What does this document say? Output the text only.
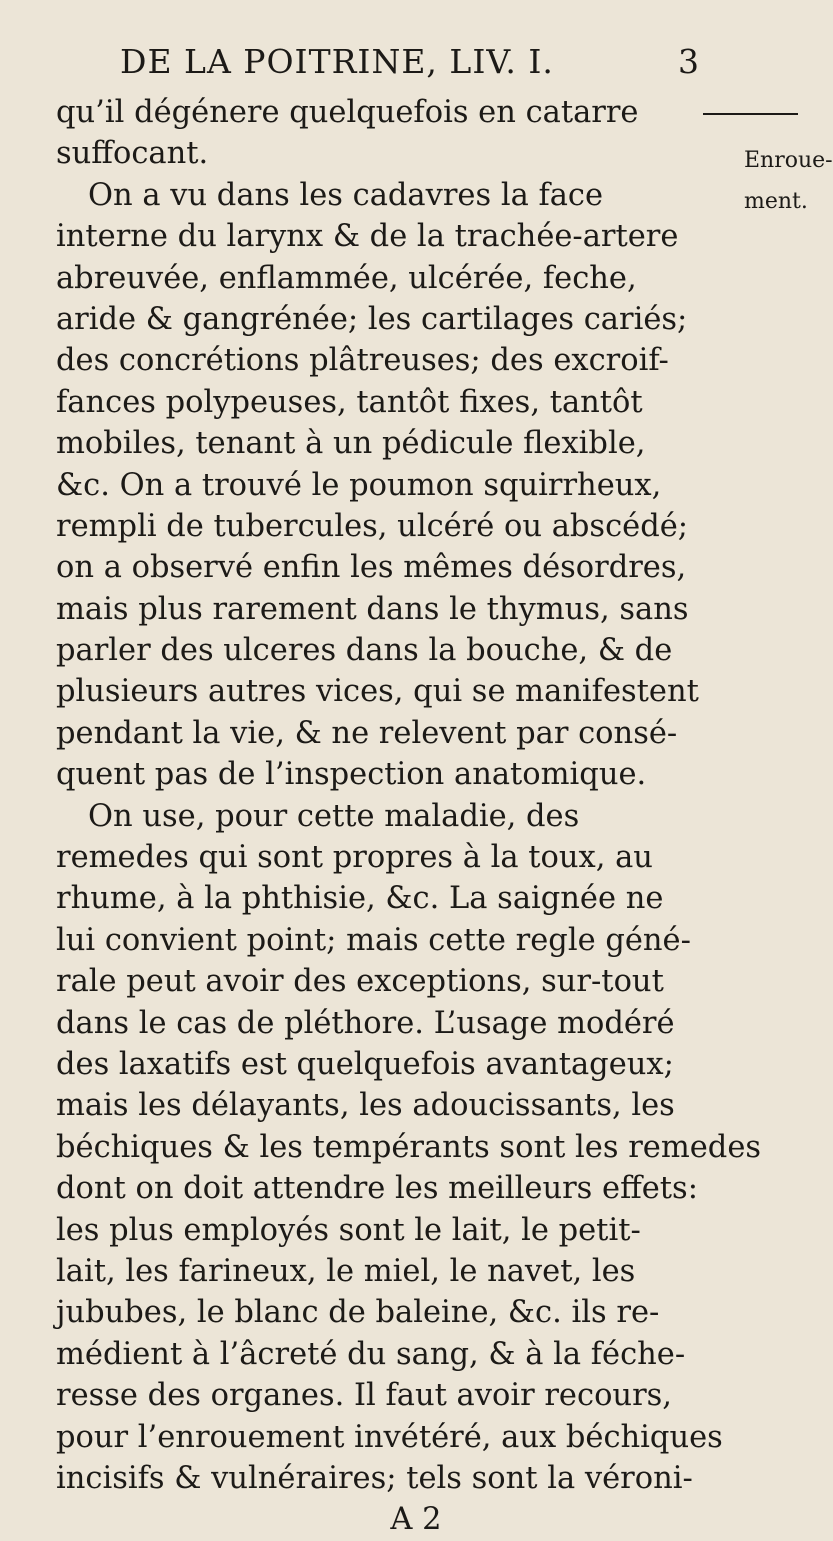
DE LA POITRINE, LIV. I.	3
Enroue-
ment.
qu’il dégénere quelquefois en catarre
suffocant.
On a vu dans les cadavres la face
interne du larynx & de la trachée-artere
abreuvée, enflammée, ulcérée, feche,
aride & gangrénée; les cartilages cariés;
des concrétions plâtreuses; des excroif-
fances polypeuses, tantôt fixes, tantôt
mobiles, tenant à un pédicule flexible,
&c. On a trouvé le poumon squirrheux,
rempli de tubercules, ulcéré ou abscédé;
on a observé enfin les mêmes désordres,
mais plus rarement dans le thymus, sans
parler des ulceres dans la bouche, & de
plusieurs autres vices, qui se manifestent
pendant la vie, & ne relevent par consé-
quent pas de l’inspection anatomique.
On use, pour cette maladie, des
remedes qui sont propres à la toux, au
rhume, à la phthisie, &c. La saignée ne
lui convient point; mais cette regle géné-
rale peut avoir des exceptions, sur-tout
dans le cas de pléthore. L’usage modéré
des laxatifs est quelquefois avantageux;
mais les délayants, les adoucissants, les
béchiques & les tempérants sont les remedes
dont on doit attendre les meilleurs effets:
les plus employés sont le lait, le petit-
lait, les farineux, le miel, le navet, les
jububes, le blanc de baleine, &c. ils re-
médient à l’âcreté du sang, & à la féche-
resse des organes. Il faut avoir recours,
pour l’enrouement invétéré, aux béchiques
incisifs & vulnéraires; tels sont la véroni-
A 2
